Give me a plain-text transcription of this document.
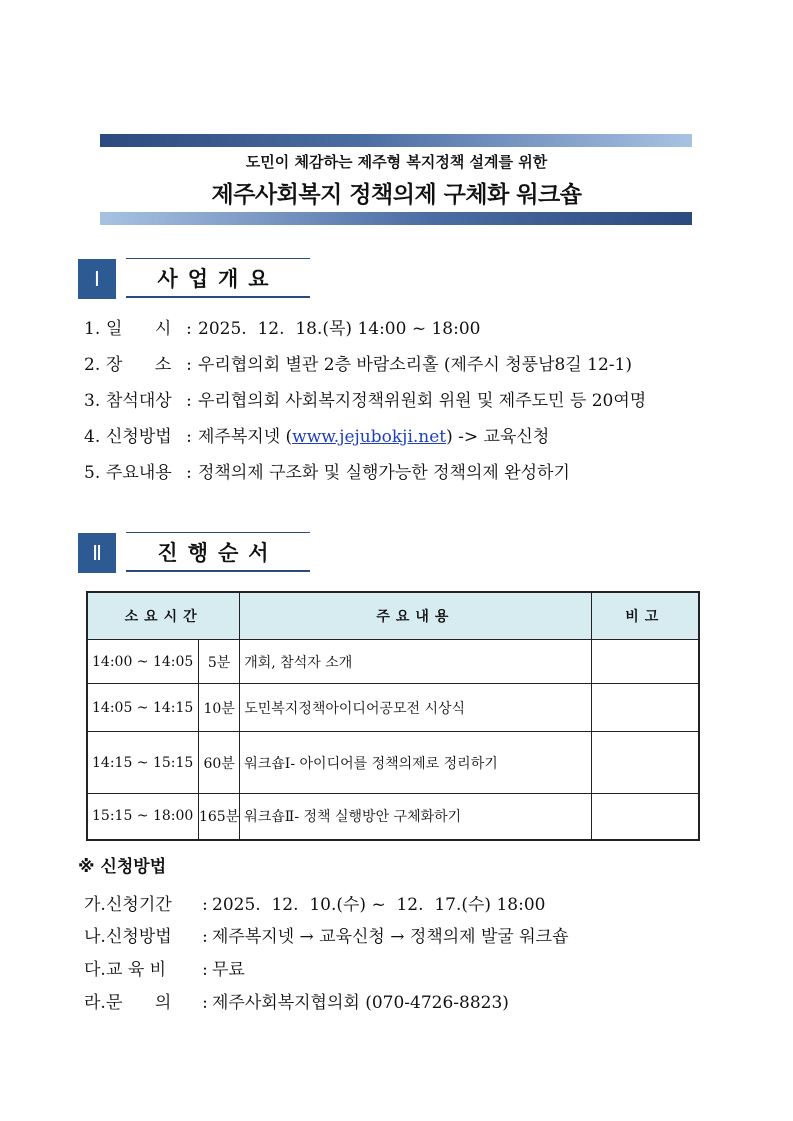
도민이 체감하는 제주형 복지정책 설계를 위한
제주사회복지 정책의제 구체화 워크숍
Ⅰ	사업개요
1. 일      시 : 2025.  12.  18.(목) 14:00 ~ 18:00
2. 장      소 : 우리협의회 별관 2층 바람소리홀 (제주시 청풍남8길 12-1)
3. 참석대상 : 우리협의회 사회복지정책위원회 위원 및 제주도민 등 20여명
4. 신청방법 : 제주복지넷 ( www.jejubokji.net ) -> 교육신청
5. 주요내용 : 정책의제 구조화 및 실행가능한 정책의제 완성하기
Ⅱ	진행순서
소요시간		주요내용	비고
14:00 ~ 14:05	5분	개회, 참석자 소개	
14:05 ~ 14:15	10분	도민복지정책아이디어공모전 시상식	
14:15 ~ 15:15	60분	워크숍Ⅰ- 아이디어를 정책의제로 정리하기	
15:15 ~ 18:00	165분	워크숍Ⅱ- 정책 실행방안 구체화하기	
※ 신청방법
가. 신청기간	: 2025.  12.  10.(수) ~  12.  17.(수) 18:00
나. 신청방법	: 제주복지넷 → 교육신청 → 정책의제 발굴 워크숍
다. 교 육 비	: 무료
라. 문      의	: 제주사회복지협의회 (070-4726-8823)
